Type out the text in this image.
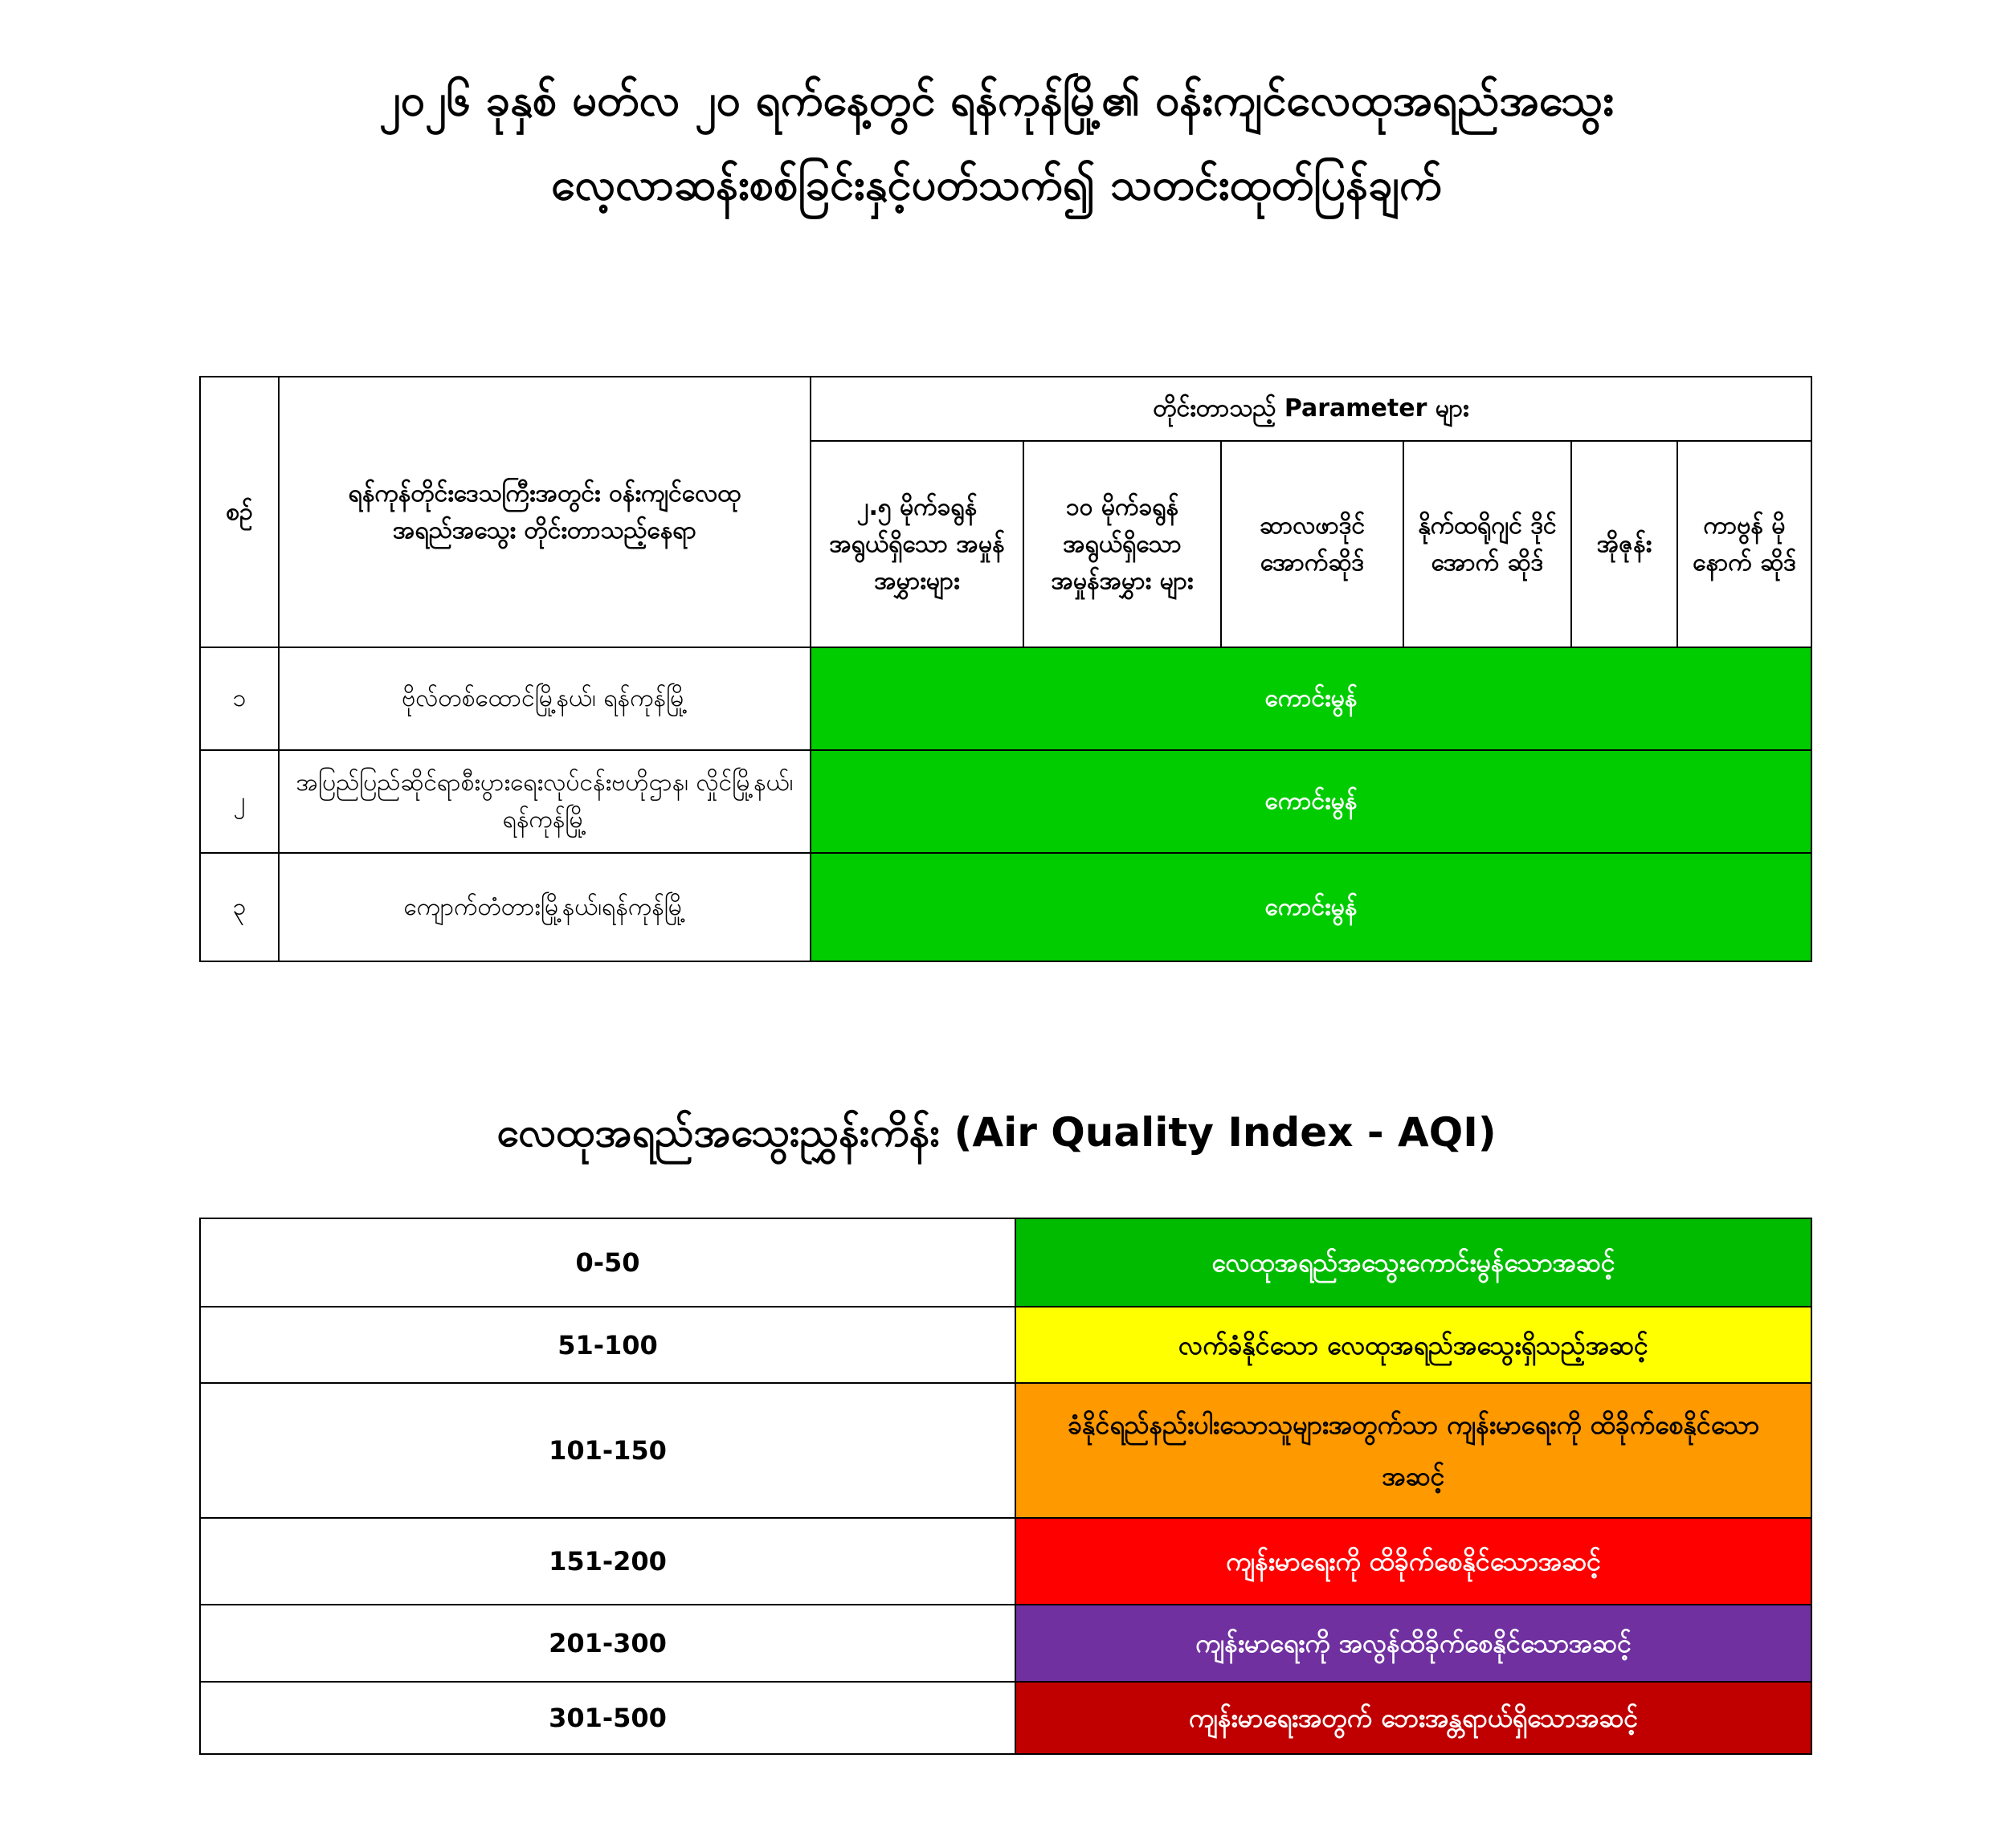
၂၀၂၆ ခုနှစ် မတ်လ ၂၀ ရက်နေ့တွင် ရန်ကုန်မြို့၏ ဝန်းကျင်လေထုအရည်အသွေး
လေ့လာဆန်းစစ်ခြင်းနှင့်ပတ်သက်၍ သတင်းထုတ်ပြန်ချက်
စဉ်	ရန်ကုန်တိုင်းဒေသကြီးအတွင်း ဝန်းကျင်လေထု အရည်အသွေး တိုင်းတာသည့်နေရာ	တိုင်းတာသည့် Parameter များ					
		၂.၅ မိုက်ခရွန် အရွယ်ရှိသော အမှုန်အမွှားများ	၁၀ မိုက်ခရွန် အရွယ်ရှိသော အမှုန်အမွှား များ	ဆာလဖာဒိုင် အောက်ဆိုဒ်	နိုက်ထရိုဂျင် ဒိုင်အောက် ဆိုဒ်	အိုဇုန်း	ကာဗွန် မိုနောက် ဆိုဒ်
၁	ဗိုလ်တစ်ထောင်မြို့နယ်၊ ရန်ကုန်မြို့	ကောင်းမွန်					
၂	အပြည်ပြည်ဆိုင်ရာစီးပွားရေးလုပ်ငန်းဗဟိုဌာန၊ လှိုင်မြို့နယ်၊ ရန်ကုန်မြို့	ကောင်းမွန်					
၃	ကျောက်တံတားမြို့နယ်၊ရန်ကုန်မြို့	ကောင်းမွန်					
လေထုအရည်အသွေးညွှန်းကိန်း (Air Quality Index - AQI)
0-50	လေထုအရည်အသွေးကောင်းမွန်သောအဆင့်
51-100	လက်ခံနိုင်သော လေထုအရည်အသွေးရှိသည့်အဆင့်
101-150	ခံနိုင်ရည်နည်းပါးသောသူများအတွက်သာ ကျန်းမာရေးကို ထိခိုက်စေနိုင်သောအဆင့်
151-200	ကျန်းမာရေးကို ထိခိုက်စေနိုင်သောအဆင့်
201-300	ကျန်းမာရေးကို အလွန်ထိခိုက်စေနိုင်သောအဆင့်
301-500	ကျန်းမာရေးအတွက် ဘေးအန္တရာယ်ရှိသောအဆင့်
